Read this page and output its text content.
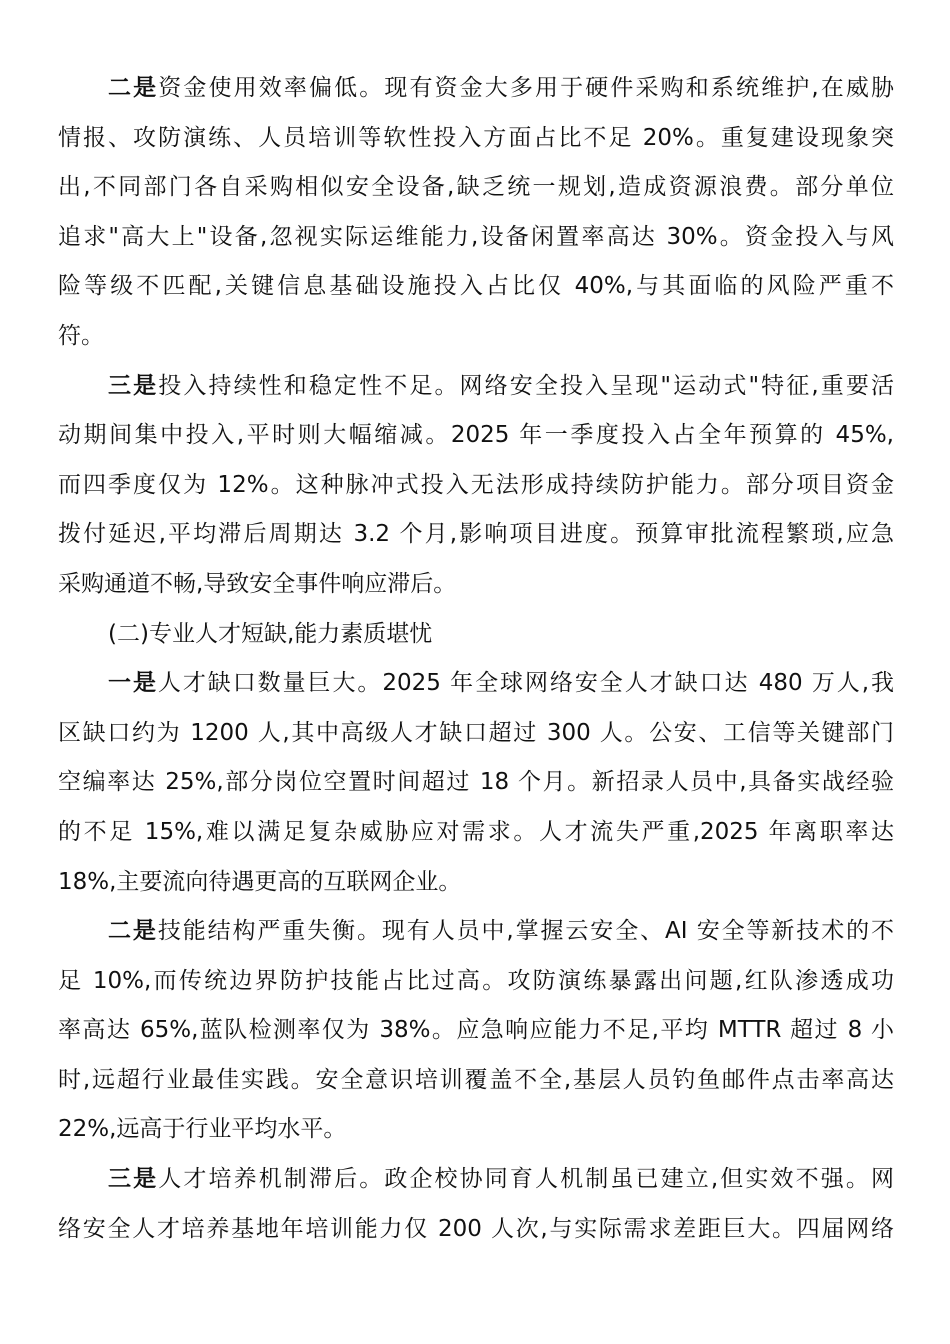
二是资金使用效率偏低。现有资金大多用于硬件采购和系统维护,在威胁
情报、攻防演练、人员培训等软性投入方面占比不足 20%。重复建设现象突
出,不同部门各自采购相似安全设备,缺乏统一规划,造成资源浪费。部分单位
追求"高大上"设备,忽视实际运维能力,设备闲置率高达 30%。资金投入与风
险等级不匹配,关键信息基础设施投入占比仅 40%,与其面临的风险严重不
符。
三是投入持续性和稳定性不足。网络安全投入呈现"运动式"特征,重要活
动期间集中投入,平时则大幅缩减。2025 年一季度投入占全年预算的 45%,
而四季度仅为 12%。这种脉冲式投入无法形成持续防护能力。部分项目资金
拨付延迟,平均滞后周期达 3.2 个月,影响项目进度。预算审批流程繁琐,应急
采购通道不畅,导致安全事件响应滞后。
(二)专业人才短缺,能力素质堪忧
一是人才缺口数量巨大。2025 年全球网络安全人才缺口达 480 万人,我
区缺口约为 1200 人,其中高级人才缺口超过 300 人。公安、工信等关键部门
空编率达 25%,部分岗位空置时间超过 18 个月。新招录人员中,具备实战经验
的不足 15%,难以满足复杂威胁应对需求。人才流失严重,2025 年离职率达
18%,主要流向待遇更高的互联网企业。
二是技能结构严重失衡。现有人员中,掌握云安全、AI 安全等新技术的不
足 10%,而传统边界防护技能占比过高。攻防演练暴露出问题,红队渗透成功
率高达 65%,蓝队检测率仅为 38%。应急响应能力不足,平均 MTTR 超过 8 小
时,远超行业最佳实践。安全意识培训覆盖不全,基层人员钓鱼邮件点击率高达
22%,远高于行业平均水平。
三是人才培养机制滞后。政企校协同育人机制虽已建立,但实效不强。网
络安全人才培养基地年培训能力仅 200 人次,与实际需求差距巨大。四届网络
